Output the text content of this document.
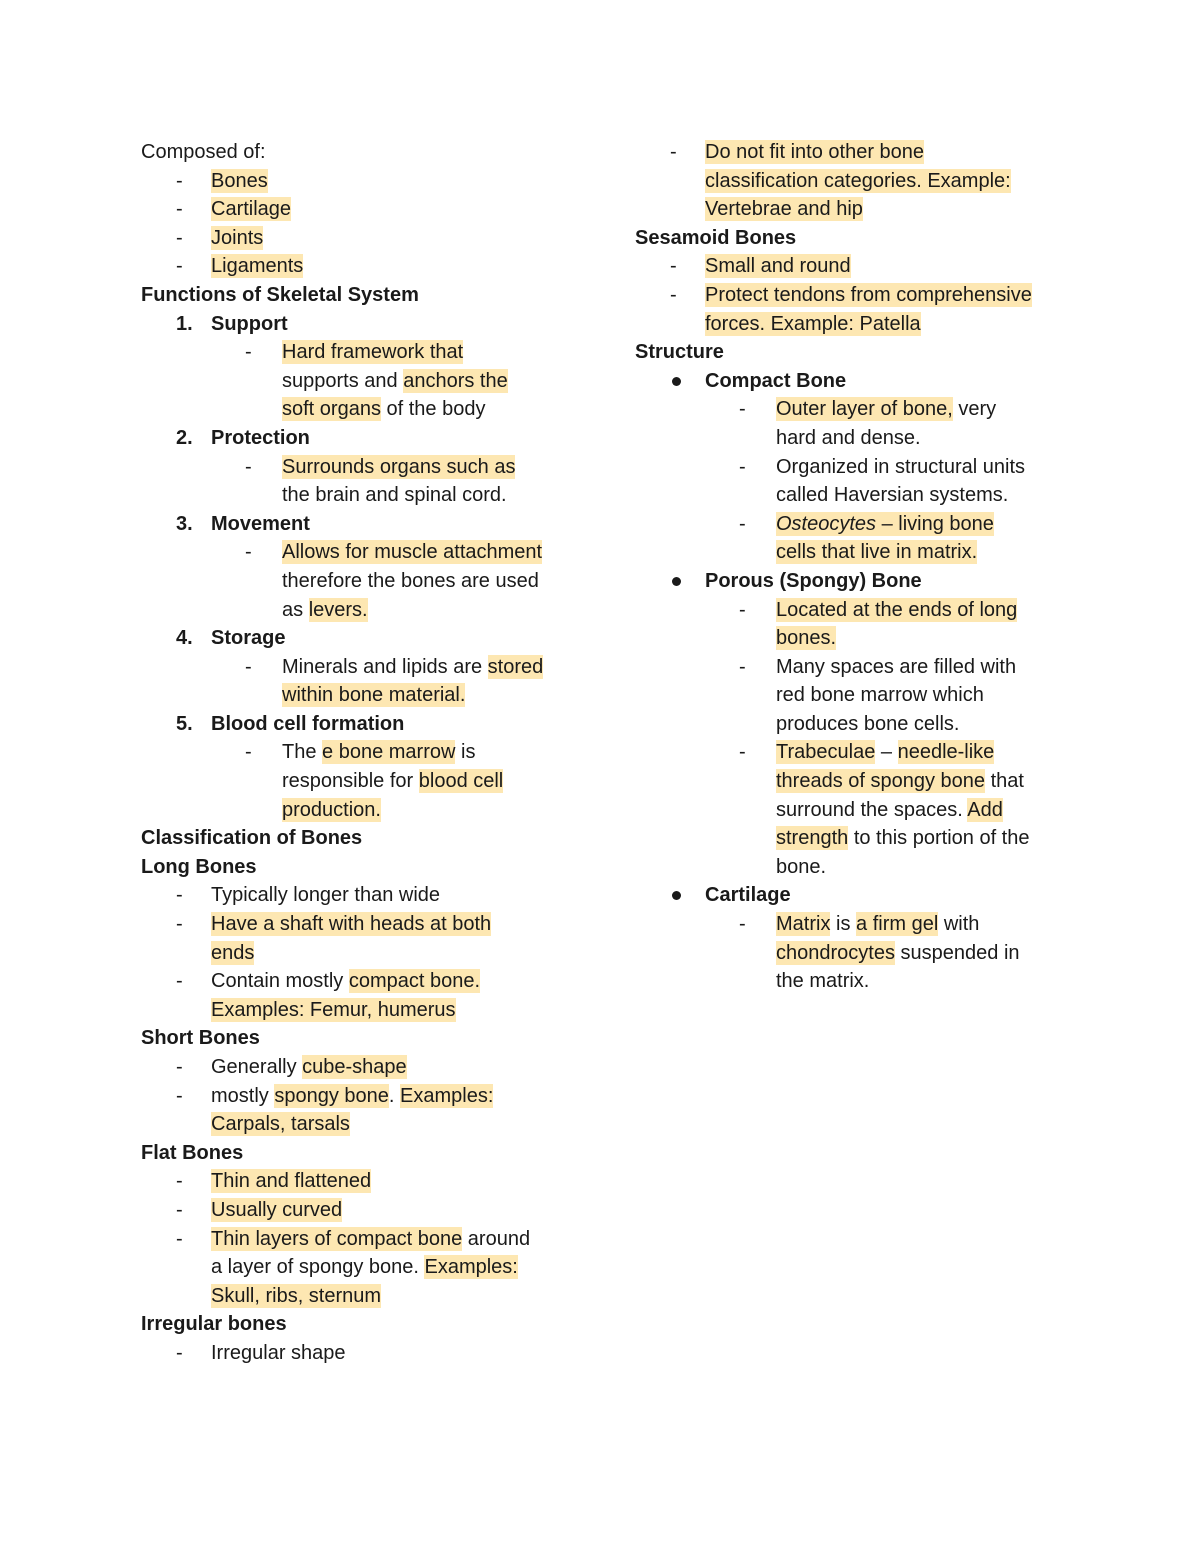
Composed of:
- Bones
- Cartilage
- Joints
- Ligaments
Functions of Skeletal System
1. Support
- Hard framework that
supports and anchors the
soft organs of the body
2. Protection
- Surrounds organs such as
the brain and spinal cord.
3. Movement
- Allows for muscle attachment
therefore the bones are used
as levers.
4. Storage
- Minerals and lipids are stored
within bone material.
5. Blood cell formation
- The e bone marrow is
responsible for blood cell
production.
Classification of Bones
Long Bones
- Typically longer than wide
- Have a shaft with heads at both
ends
- Contain mostly compact bone.
Examples: Femur, humerus
Short Bones
- Generally cube-shape
- mostly spongy bone. Examples:
Carpals, tarsals
Flat Bones
- Thin and flattened
- Usually curved
- Thin layers of compact bone around
a layer of spongy bone. Examples:
Skull, ribs, sternum
Irregular bones
- Irregular shape
- Do not fit into other bone
classification categories. Example:
Vertebrae and hip
Sesamoid Bones
- Small and round
- Protect tendons from comprehensive
forces. Example: Patella
Structure
Compact Bone
- Outer layer of bone, very
hard and dense.
- Organized in structural units
called Haversian systems.
- Osteocytes – living bone
cells that live in matrix.
Porous (Spongy) Bone
- Located at the ends of long
bones.
- Many spaces are filled with
red bone marrow which
produces bone cells.
- Trabeculae – needle-like
threads of spongy bone that
surround the spaces. Add
strength to this portion of the
bone.
Cartilage
- Matrix is a firm gel with
chondrocytes suspended in
the matrix.
